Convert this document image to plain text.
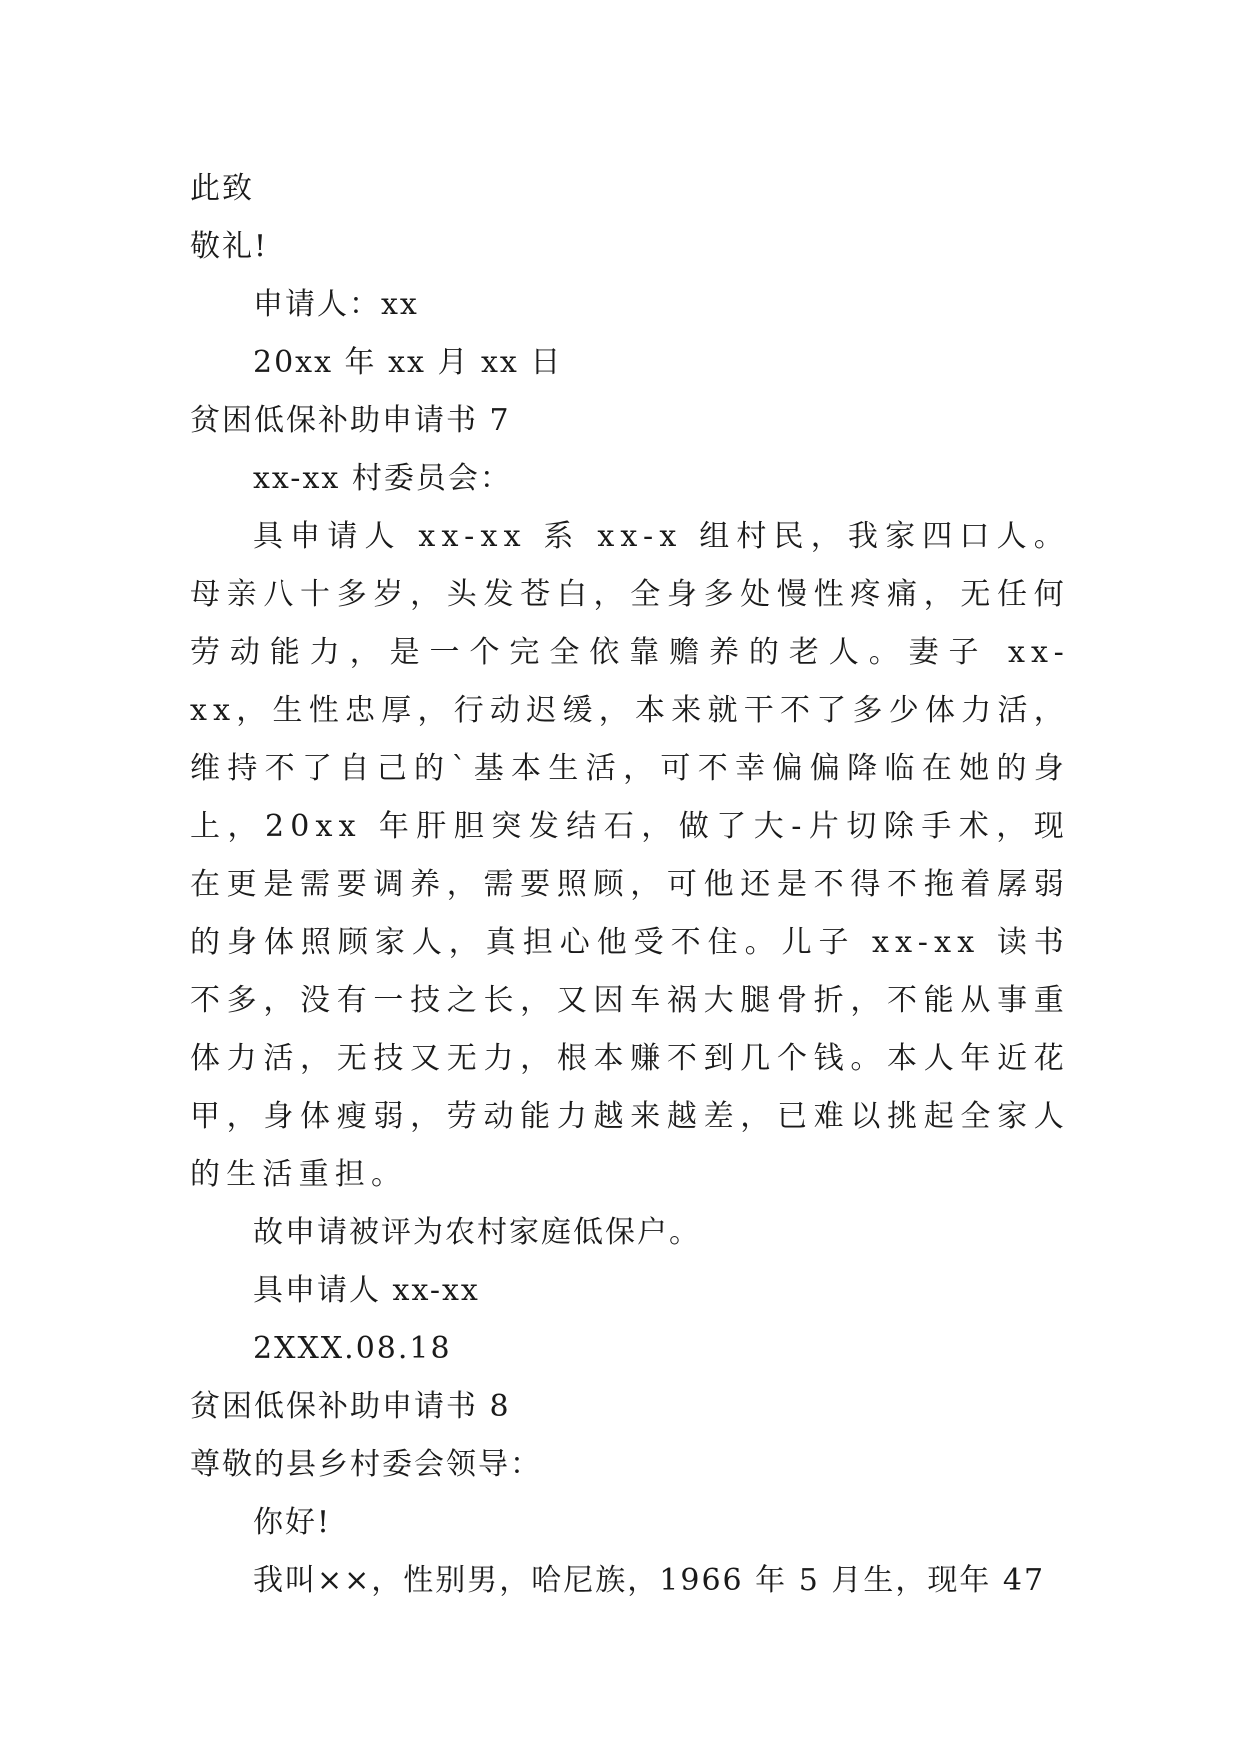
此致
敬礼!
申请人：xx
20xx 年 xx 月 xx 日
贫困低保补助申请书 7
xx-xx 村委员会：

具申请人 xx-xx 系 xx-x 组村民，我家四口人。母亲八十多岁，头发苍白，全身多处慢性疼痛，无任何劳动能力，是一个完全依靠赡养的老人。妻子 xx-xx，生性忠厚，行动迟缓，本来就干不了多少体力活，维持不了自己的`基本生活，可不幸偏偏降临在她的身上，20xx 年肝胆突发结石，做了大-片切除手术，现在更是需要调养，需要照顾，可他还是不得不拖着孱弱的身体照顾家人，真担心他受不住。儿子 xx-xx 读书不多，没有一技之长，又因车祸大腿骨折，不能从事重体力活，无技又无力，根本赚不到几个钱。本人年近花甲，身体瘦弱，劳动能力越来越差，已难以挑起全家人的生活重担。

故申请被评为农村家庭低保户。
具申请人 xx-xx
2XXX.08.18
贫困低保补助申请书 8
尊敬的县乡村委会领导：
你好!
我叫××，性别男，哈尼族，1966 年 5 月生，现年 47
